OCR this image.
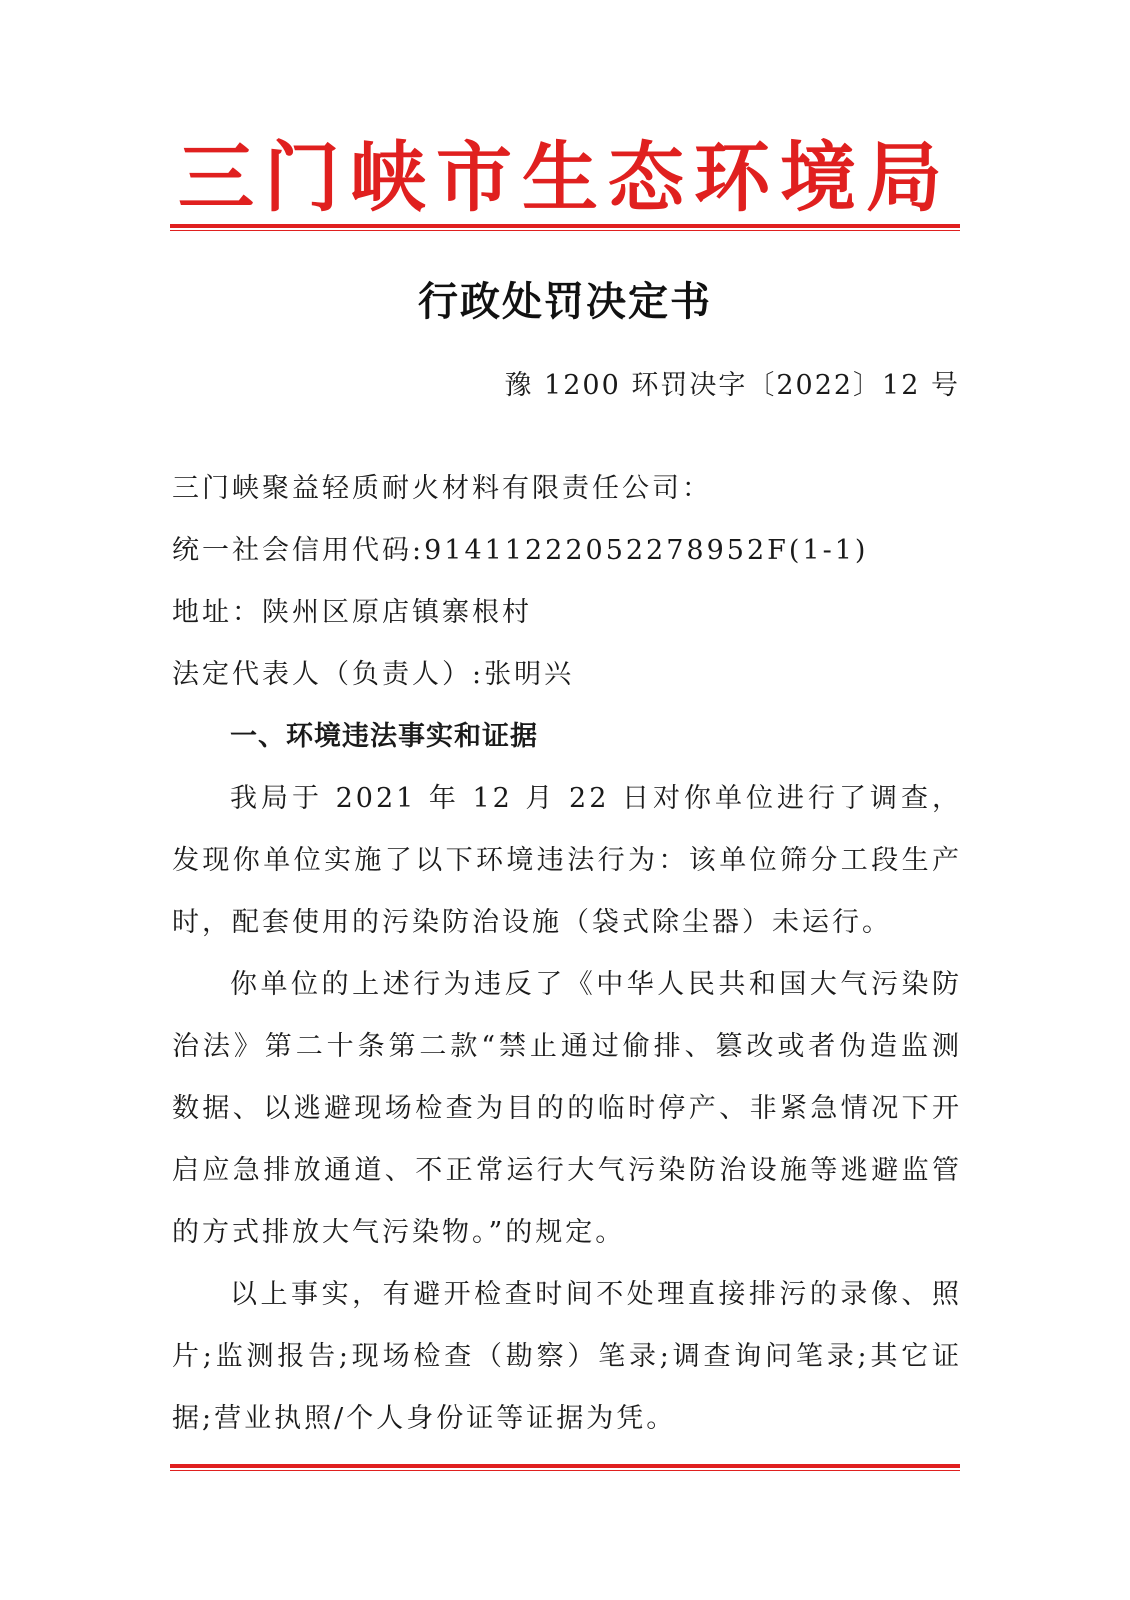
三门峡市生态环境局
行政处罚决定书
豫 1200 环罚决字〔2022〕12 号
三门峡聚益轻质耐火材料有限责任公司：
统一社会信用代码:91411222052278952F(1-1)
地址：陕州区原店镇寨根村
法定代表人（负责人）:张明兴
一、环境违法事实和证据

我局于 2021 年 12 月 22 日对你单位进行了调查，发现你单位实施了以下环境违法行为：该单位筛分工段生产时，配套使用的污染防治设施（袋式除尘器）未运行。

你单位的上述行为违反了《中华人民共和国大气污染防治法》第二十条第二款“禁止通过偷排、篡改或者伪造监测数据、以逃避现场检查为目的的临时停产、非紧急情况下开启应急排放通道、不正常运行大气污染防治设施等逃避监管的方式排放大气污染物。”的规定。

以上事实，有避开检查时间不处理直接排污的录像、照片;监测报告;现场检查（勘察）笔录;调查询问笔录;其它证据;营业执照/个人身份证等证据为凭。
